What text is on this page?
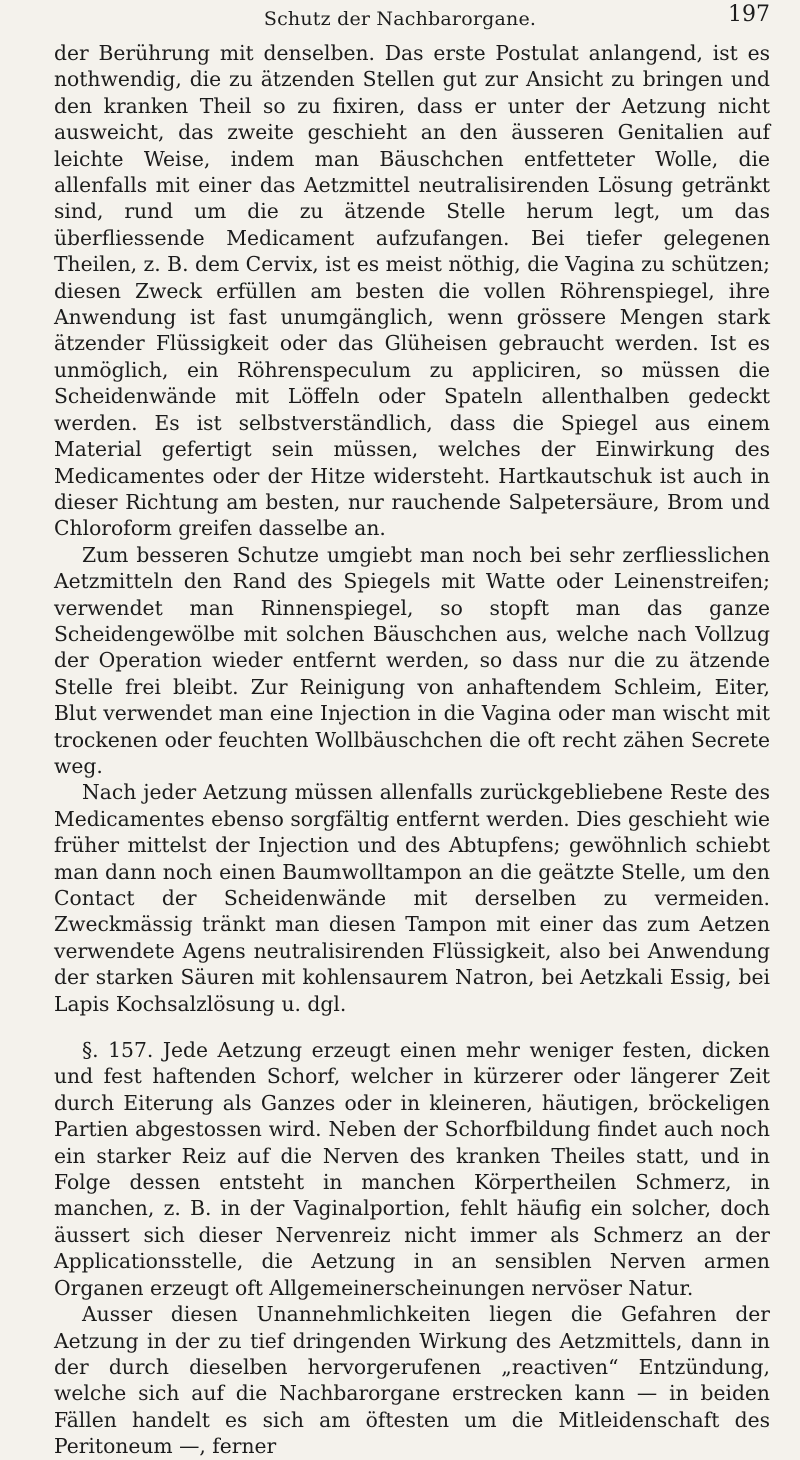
Schutz der Nachbarorgane.	197

der Berührung mit denselben. Das erste Postulat anlangend, ist es nothwendig, die zu ätzenden Stellen gut zur Ansicht zu bringen und den kranken Theil so zu fixiren, dass er unter der Aetzung nicht ausweicht, das zweite geschieht an den äusseren Genitalien auf leichte Weise, indem man Bäuschchen entfetteter Wolle, die allenfalls mit einer das Aetzmittel neutralisirenden Lösung getränkt sind, rund um die zu ätzende Stelle herum legt, um das überfliessende Medicament aufzufangen. Bei tiefer gelegenen Theilen, z. B. dem Cervix, ist es meist nöthig, die Vagina zu schützen; diesen Zweck erfüllen am besten die vollen Röhrenspiegel, ihre Anwendung ist fast unumgänglich, wenn grössere Mengen stark ätzender Flüssigkeit oder das Glüheisen gebraucht werden. Ist es unmöglich, ein Röhrenspeculum zu appliciren, so müssen die Scheidenwände mit Löffeln oder Spateln allenthalben gedeckt werden. Es ist selbstverständlich, dass die Spiegel aus einem Material gefertigt sein müssen, welches der Einwirkung des Medicamentes oder der Hitze widersteht. Hartkautschuk ist auch in dieser Richtung am besten, nur rauchende Salpetersäure, Brom und Chloroform greifen dasselbe an.

Zum besseren Schutze umgiebt man noch bei sehr zerfliesslichen Aetzmitteln den Rand des Spiegels mit Watte oder Leinenstreifen; verwendet man Rinnenspiegel, so stopft man das ganze Scheidengewölbe mit solchen Bäuschchen aus, welche nach Vollzug der Operation wieder entfernt werden, so dass nur die zu ätzende Stelle frei bleibt. Zur Reinigung von anhaftendem Schleim, Eiter, Blut verwendet man eine Injection in die Vagina oder man wischt mit trockenen oder feuchten Wollbäuschchen die oft recht zähen Secrete weg.

Nach jeder Aetzung müssen allenfalls zurückgebliebene Reste des Medicamentes ebenso sorgfältig entfernt werden. Dies geschieht wie früher mittelst der Injection und des Abtupfens; gewöhnlich schiebt man dann noch einen Baumwolltampon an die geätzte Stelle, um den Contact der Scheidenwände mit derselben zu vermeiden. Zweckmässig tränkt man diesen Tampon mit einer das zum Aetzen verwendete Agens neutralisirenden Flüssigkeit, also bei Anwendung der starken Säuren mit kohlensaurem Natron, bei Aetzkali Essig, bei Lapis Kochsalzlösung u. dgl.

§. 157. Jede Aetzung erzeugt einen mehr weniger festen, dicken und fest haftenden Schorf, welcher in kürzerer oder längerer Zeit durch Eiterung als Ganzes oder in kleineren, häutigen, bröckeligen Partien abgestossen wird. Neben der Schorfbildung findet auch noch ein starker Reiz auf die Nerven des kranken Theiles statt, und in Folge dessen entsteht in manchen Körpertheilen Schmerz, in manchen, z. B. in der Vaginalportion, fehlt häufig ein solcher, doch äussert sich dieser Nervenreiz nicht immer als Schmerz an der Applicationsstelle, die Aetzung in an sensiblen Nerven armen Organen erzeugt oft Allgemeinerscheinungen nervöser Natur.

Ausser diesen Unannehmlichkeiten liegen die Gefahren der Aetzung in der zu tief dringenden Wirkung des Aetzmittels, dann in der durch dieselben hervorgerufenen „reactiven“ Entzündung, welche sich auf die Nachbarorgane erstrecken kann — in beiden Fällen handelt es sich am öftesten um die Mitleidenschaft des Peritoneum —, ferner
